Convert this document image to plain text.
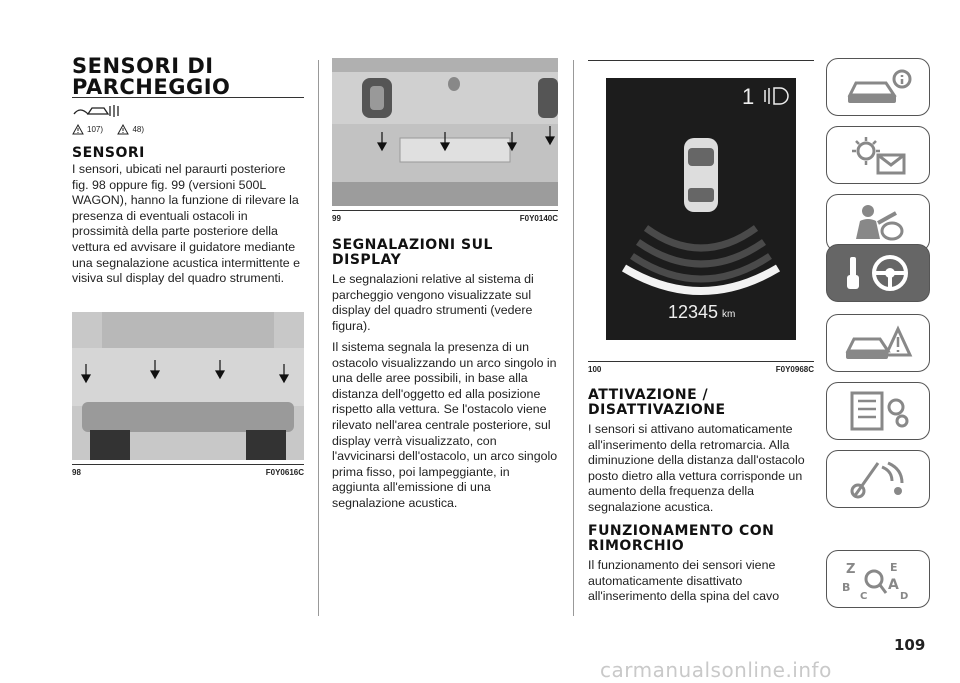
SENSORI DI PARCHEGGIO
107)
	48)
SENSORI

I sensori, ubicati nel paraurti posteriore fig. 98 oppure fig. 99 (versioni 500L WAGON), hanno la funzione di rilevare la presenza di eventuali ostacoli in prossimità della parte posteriore della vettura ed avvisare il guidatore mediante una segnalazione acustica intermittente e visiva sul display del quadro strumenti.

98	F0Y0616C
99	F0Y0140C
SEGNALAZIONI SUL DISPLAY

Le segnalazioni relative al sistema di parcheggio vengono visualizzate sul display del quadro strumenti (vedere figura).

Il sistema segnala la presenza di un ostacolo visualizzando un arco singolo in una delle aree possibili, in base alla distanza dell'oggetto ed alla posizione rispetto alla vettura. Se l'ostacolo viene rilevato nell'area centrale posteriore, sul display verrà visualizzato, con l'avvicinarsi dell'ostacolo, un arco singolo prima fisso, poi lampeggiante, in aggiunta all'emissione di una segnalazione acustica.

1
12345 km
100	F0Y0968C
ATTIVAZIONE / DISATTIVAZIONE

I sensori si attivano automaticamente all'inserimento della retromarcia. Alla diminuzione della distanza dall'ostacolo posto dietro alla vettura corrisponde un aumento della frequenza della segnalazione acustica.

FUNZIONAMENTO CON RIMORCHIO

Il funzionamento dei sensori viene automaticamente disattivato all'inserimento della spina del cavo

Z	E
B	A
D
C
109
carmanualsonline.info
